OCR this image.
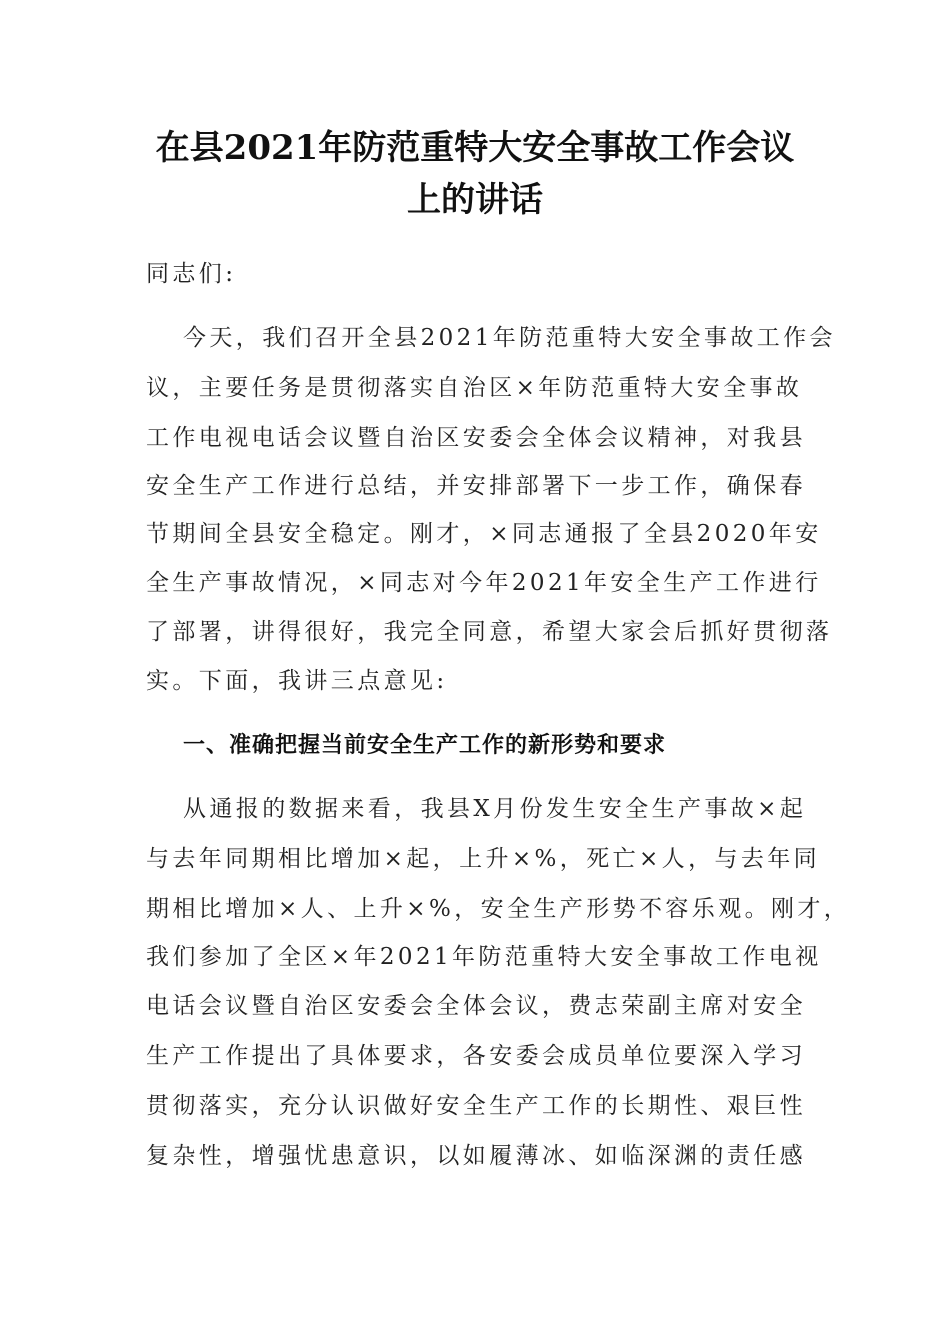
在县2021年防范重特大安全事故工作会议
上的讲话
同志们:
今天，我们召开全县2021年防范重特大安全事故工作会
议，主要任务是贯彻落实自治区×年防范重特大安全事故
工作电视电话会议暨自治区安委会全体会议精神，对我县
安全生产工作进行总结，并安排部署下一步工作，确保春
节期间全县安全稳定。刚才，×同志通报了全县2020年安
全生产事故情况，×同志对今年2021年安全生产工作进行
了部署，讲得很好，我完全同意，希望大家会后抓好贯彻落
实。下面，我讲三点意见:
一、准确把握当前安全生产工作的新形势和要求
从通报的数据来看，我县X月份发生安全生产事故×起
与去年同期相比增加×起，上升×%，死亡×人，与去年同
期相比增加×人、上升×%，安全生产形势不容乐观。刚才，
我们参加了全区×年2021年防范重特大安全事故工作电视
电话会议暨自治区安委会全体会议，费志荣副主席对安全
生产工作提出了具体要求，各安委会成员单位要深入学习
贯彻落实，充分认识做好安全生产工作的长期性、艰巨性
复杂性，增强忧患意识，以如履薄冰、如临深渊的责任感
